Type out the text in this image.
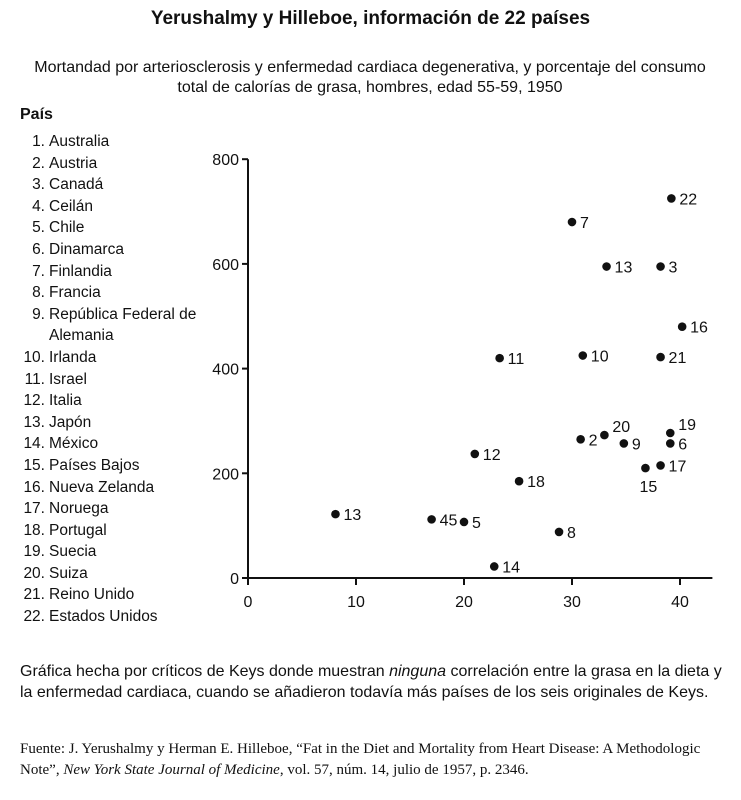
Yerushalmy y Hilleboe, información de 22 países
Mortandad por arteriosclerosis y enfermedad cardiaca degenerativa, y porcentaje del consumo total de calorías de grasa, hombres, edad 55-59, 1950
País
1. Australia
2. Austria
3. Canadá
4. Ceilán
5. Chile
6. Dinamarca
7. Finlandia
8. Francia
9. República Federal de Alemania
10. Irlanda
11. Israel
12. Italia
13. Japón
14. México
15. Países Bajos
16. Nueva Zelanda
17. Noruega
18. Portugal
19. Suecia
20. Suiza
21. Reino Unido
22. Estados Unidos
0	10	20	30	40
0
200
400
600
800
22
7
13 3
16
11	10	21
20	19
2 9 6
12
17
15
18
13	45 5
8
14
Gráfica hecha por críticos de Keys donde muestran ninguna correlación entre la grasa en la dieta y la enfermedad cardiaca, cuando se añadieron todavía más países de los seis originales de Keys.
Fuente: J. Yerushalmy y Herman E. Hilleboe, “Fat in the Diet and Mortality from Heart Disease: A Methodologic Note”, New York State Journal of Medicine, vol. 57, núm. 14, julio de 1957, p. 2346.
